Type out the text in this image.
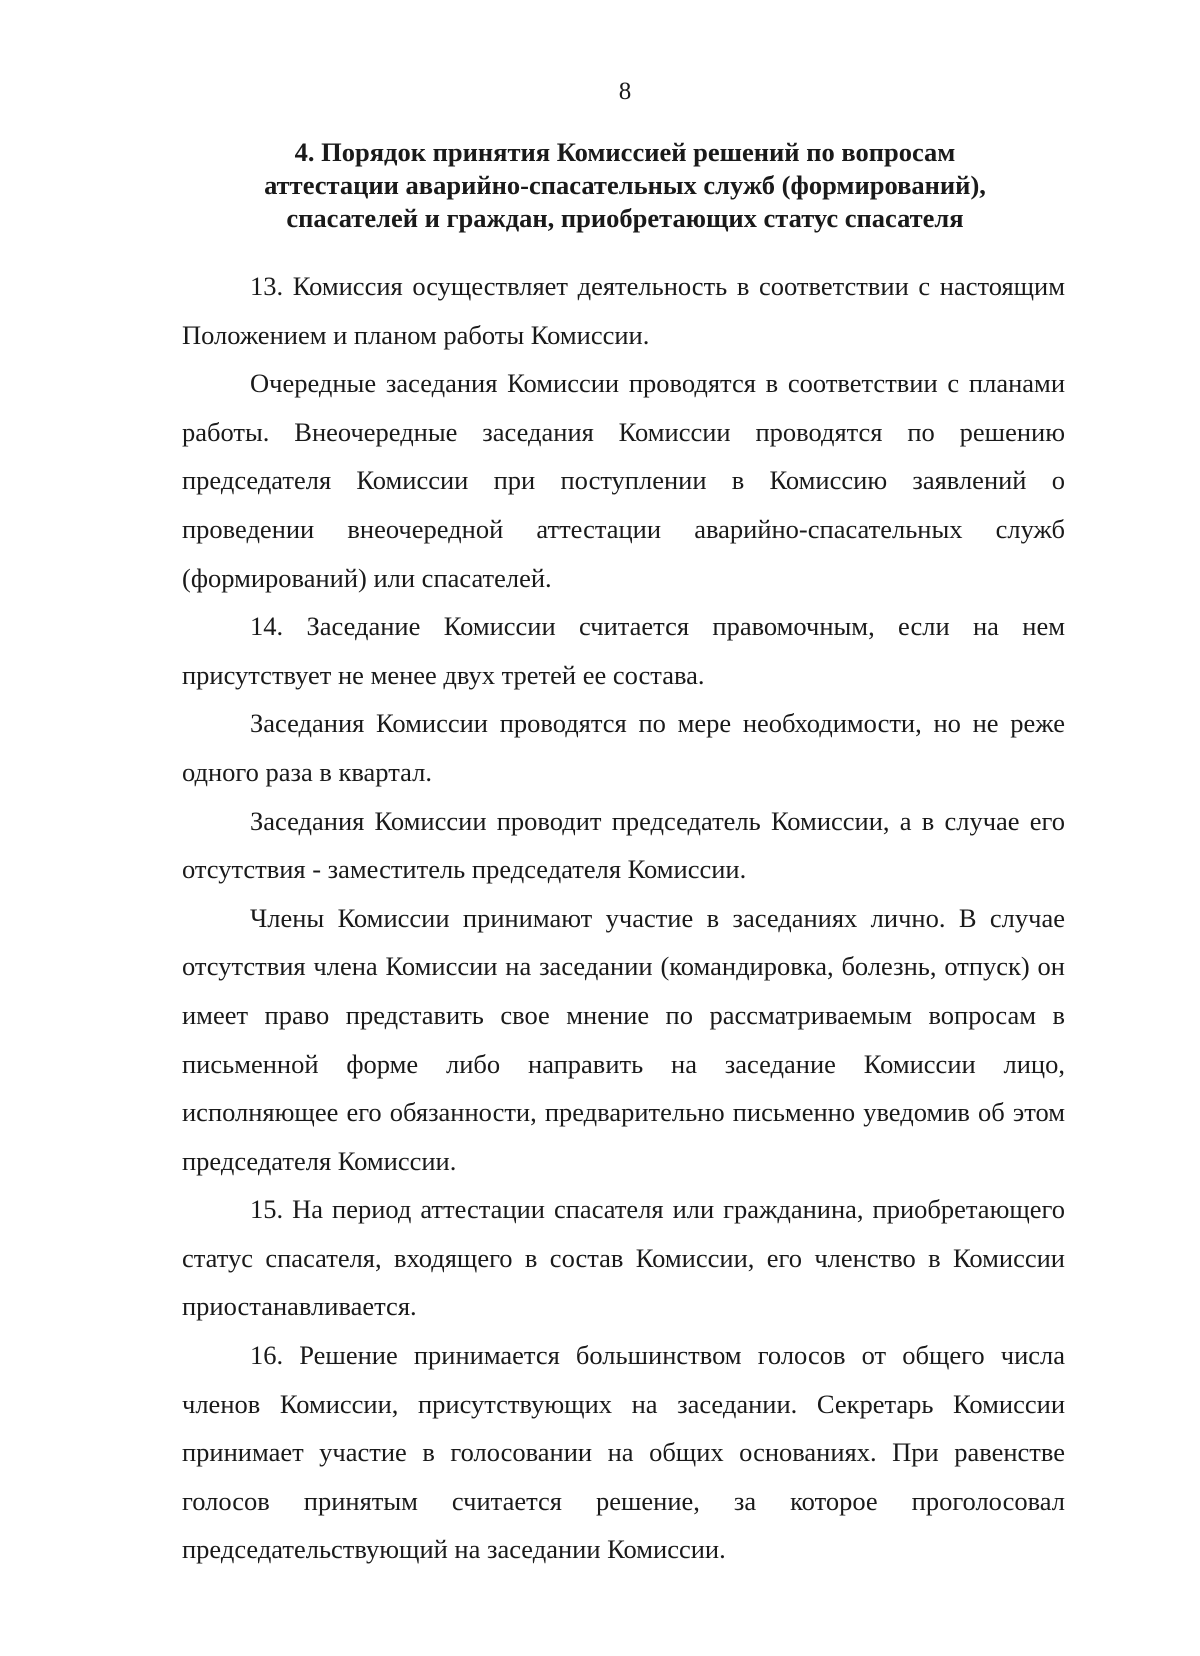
8
4. Порядок принятия Комиссией решений по вопросам
аттестации аварийно-спасательных служб (формирований),
спасателей и граждан, приобретающих статус спасателя

13. Комиссия осуществляет деятельность в соответствии с настоящим Положением и планом работы Комиссии.

Очередные заседания Комиссии проводятся в соответствии с планами работы. Внеочередные заседания Комиссии проводятся по решению председателя Комиссии при поступлении в Комиссию заявлений о проведении внеочередной аттестации аварийно-спасательных служб (формирований) или спасателей.

14. Заседание Комиссии считается правомочным, если на нем присутствует не менее двух третей ее состава.

Заседания Комиссии проводятся по мере необходимости, но не реже одного раза в квартал.

Заседания Комиссии проводит председатель Комиссии, а в случае его отсутствия - заместитель председателя Комиссии.

Члены Комиссии принимают участие в заседаниях лично. В случае отсутствия члена Комиссии на заседании (командировка, болезнь, отпуск) он имеет право представить свое мнение по рассматриваемым вопросам в письменной форме либо направить на заседание Комиссии лицо, исполняющее его обязанности, предварительно письменно уведомив об этом председателя Комиссии.

15. На период аттестации спасателя или гражданина, приобретающего статус спасателя, входящего в состав Комиссии, его членство в Комиссии приостанавливается.

16. Решение принимается большинством голосов от общего числа членов Комиссии, присутствующих на заседании. Секретарь Комиссии принимает участие в голосовании на общих основаниях. При равенстве голосов принятым считается решение, за которое проголосовал председательствующий на заседании Комиссии.
